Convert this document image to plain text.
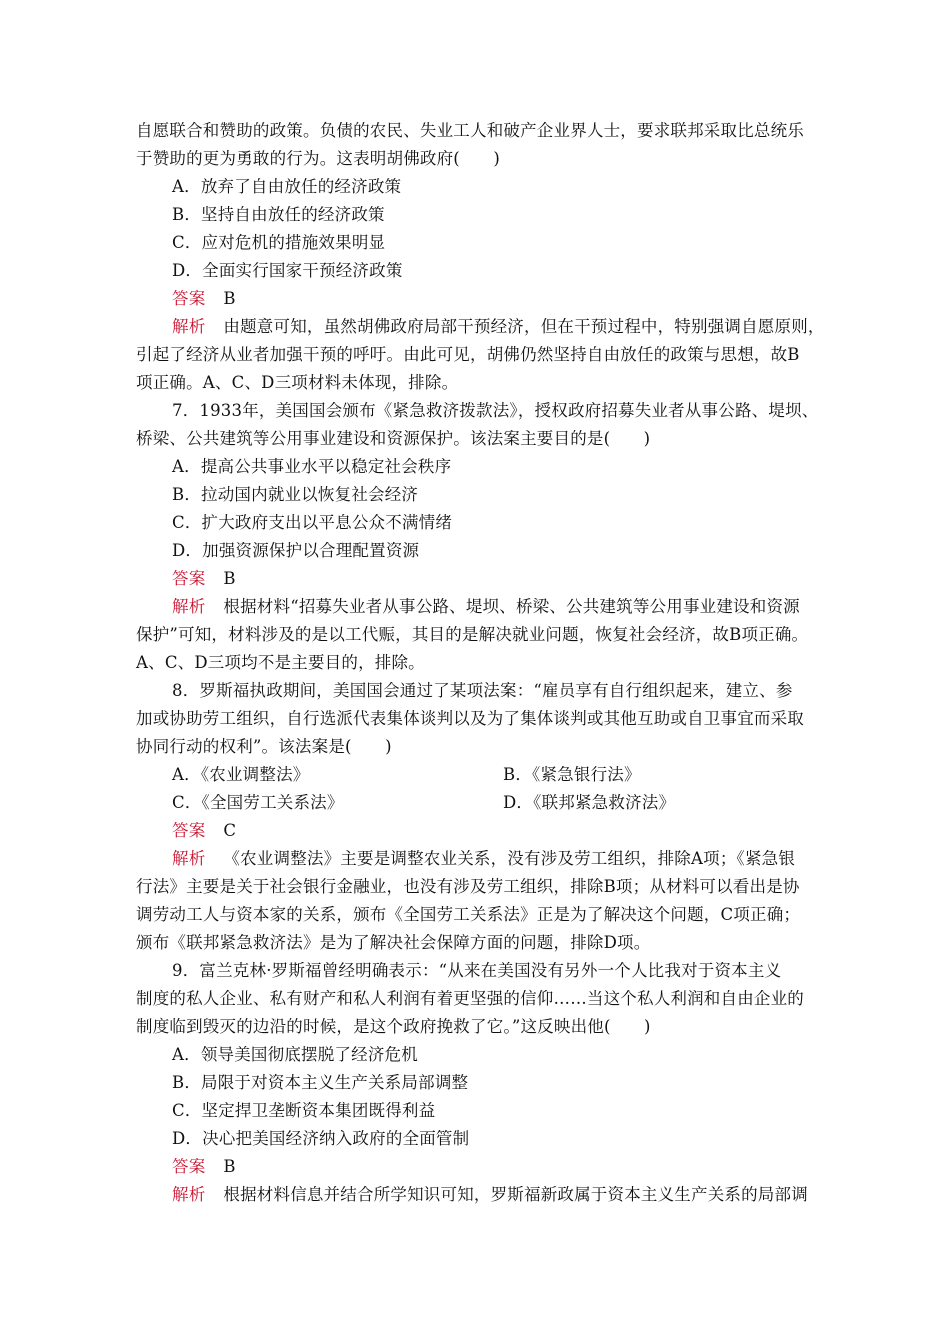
自愿联合和赞助的政策。负债的农民、失业工人和破产企业界人士，要求联邦采取比总统乐
于赞助的更为勇敢的行为。这表明胡佛政府(　　)
A．放弃了自由放任的经济政策
B．坚持自由放任的经济政策
C．应对危机的措施效果明显
D．全面实行国家干预经济政策
答案 B
解析 由题意可知，虽然胡佛政府局部干预经济，但在干预过程中，特别强调自愿原则，
引起了经济从业者加强干预的呼吁。由此可见，胡佛仍然坚持自由放任的政策与思想，故B
项正确。A、C、D三项材料未体现，排除。
7．1933年，美国国会颁布《紧急救济拨款法》，授权政府招募失业者从事公路、堤坝、
桥梁、公共建筑等公用事业建设和资源保护。该法案主要目的是(　　)
A．提高公共事业水平以稳定社会秩序
B．拉动国内就业以恢复社会经济
C．扩大政府支出以平息公众不满情绪
D．加强资源保护以合理配置资源
答案 B
解析 根据材料“招募失业者从事公路、堤坝、桥梁、公共建筑等公用事业建设和资源
保护”可知，材料涉及的是以工代赈，其目的是解决就业问题，恢复社会经济，故B项正确。
A、C、D三项均不是主要目的，排除。
8．罗斯福执政期间，美国国会通过了某项法案：“雇员享有自行组织起来，建立、参
加或协助劳工组织，自行选派代表集体谈判以及为了集体谈判或其他互助或自卫事宜而采取
协同行动的权利”。该法案是(　　)
A．《农业调整法》	B．《紧急银行法》
C．《全国劳工关系法》	D．《联邦紧急救济法》
答案 C
解析 《农业调整法》主要是调整农业关系，没有涉及劳工组织，排除A项；《紧急银
行法》主要是关于社会银行金融业，也没有涉及劳工组织，排除B项；从材料可以看出是协
调劳动工人与资本家的关系，颁布《全国劳工关系法》正是为了解决这个问题，C项正确；
颁布《联邦紧急救济法》是为了解决社会保障方面的问题，排除D项。
9．富兰克林·罗斯福曾经明确表示：“从来在美国没有另外一个人比我对于资本主义
制度的私人企业、私有财产和私人利润有着更坚强的信仰……当这个私人利润和自由企业的
制度临到毁灭的边沿的时候，是这个政府挽救了它。”这反映出他(　　)
A．领导美国彻底摆脱了经济危机
B．局限于对资本主义生产关系局部调整
C．坚定捍卫垄断资本集团既得利益
D．决心把美国经济纳入政府的全面管制
答案 B
解析 根据材料信息并结合所学知识可知，罗斯福新政属于资本主义生产关系的局部调
